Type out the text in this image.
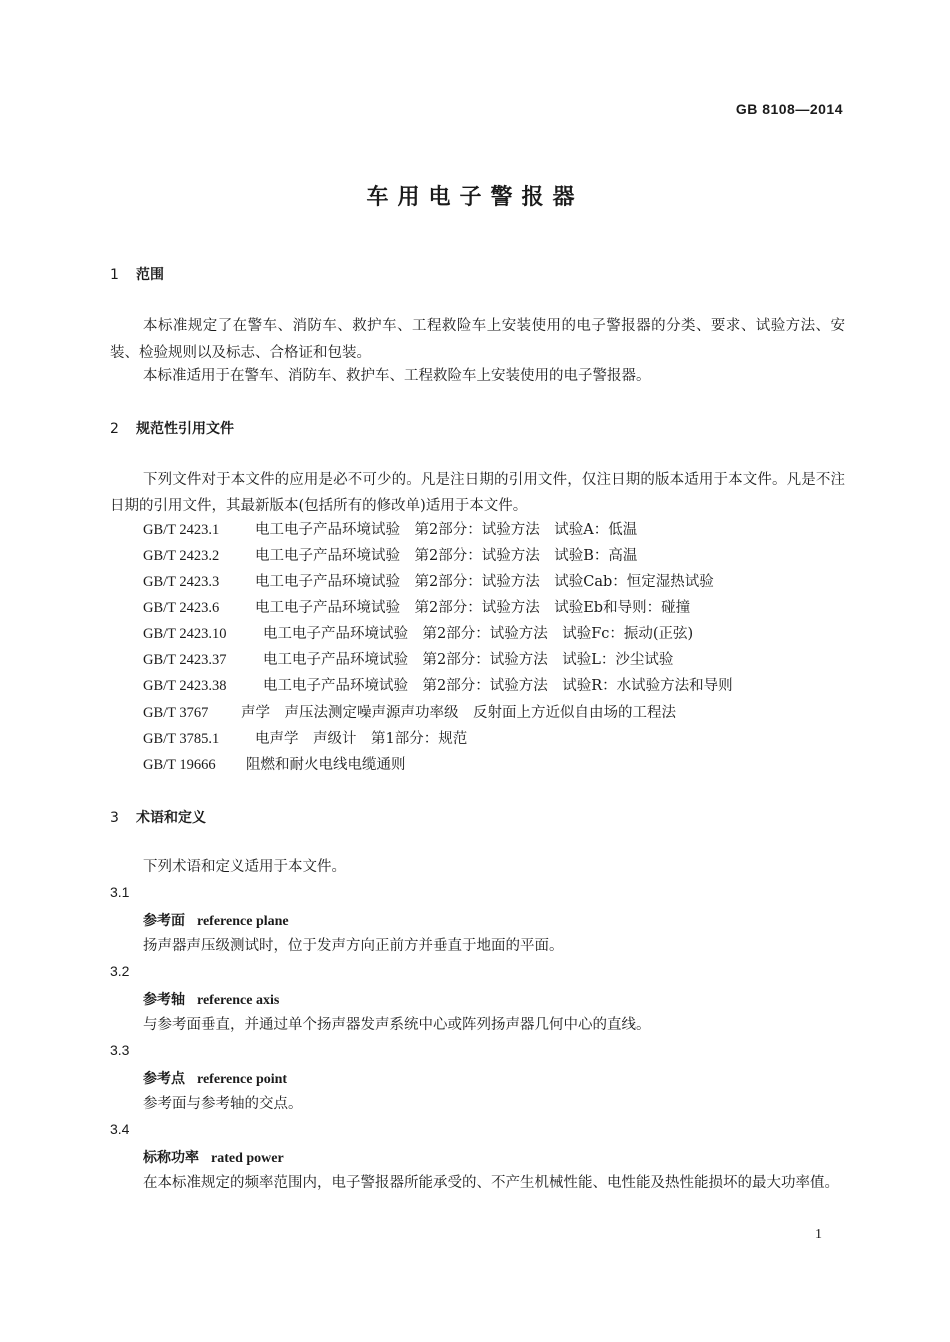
GB 8108—2014
车用电子警报器
1 范围
本标准规定了在警车、消防车、救护车、工程救险车上安装使用的电子警报器的分类、要求、试验方法、安装、检验规则以及标志、合格证和包装。
本标准适用于在警车、消防车、救护车、工程救险车上安装使用的电子警报器。
2 规范性引用文件
下列文件对于本文件的应用是必不可少的。凡是注日期的引用文件，仅注日期的版本适用于本文件。凡是不注日期的引用文件，其最新版本(包括所有的修改单)适用于本文件。
GB/T 2423.1 电工电子产品环境试验　第2部分：试验方法　试验A：低温
GB/T 2423.2 电工电子产品环境试验　第2部分：试验方法　试验B：高温
GB/T 2423.3 电工电子产品环境试验　第2部分：试验方法　试验Cab：恒定湿热试验
GB/T 2423.6 电工电子产品环境试验　第2部分：试验方法　试验Eb和导则：碰撞
GB/T 2423.10	电工电子产品环境试验　第2部分：试验方法　试验Fc：振动(正弦)
GB/T 2423.37	电工电子产品环境试验　第2部分：试验方法　试验L：沙尘试验
GB/T 2423.38	电工电子产品环境试验　第2部分：试验方法　试验R：水试验方法和导则
GB/T 3767 声学　声压法测定噪声源声功率级　反射面上方近似自由场的工程法
GB/T 3785.1 电声学　声级计　第1部分：规范
GB/T 19666 阻燃和耐火电线电缆通则
3 术语和定义
下列术语和定义适用于本文件。
3.1
参考面 reference plane
扬声器声压级测试时，位于发声方向正前方并垂直于地面的平面。
3.2
参考轴 reference axis
与参考面垂直，并通过单个扬声器发声系统中心或阵列扬声器几何中心的直线。
3.3
参考点 reference point
参考面与参考轴的交点。
3.4
标称功率 rated power
在本标准规定的频率范围内，电子警报器所能承受的、不产生机械性能、电性能及热性能损坏的最大功率值。
1
